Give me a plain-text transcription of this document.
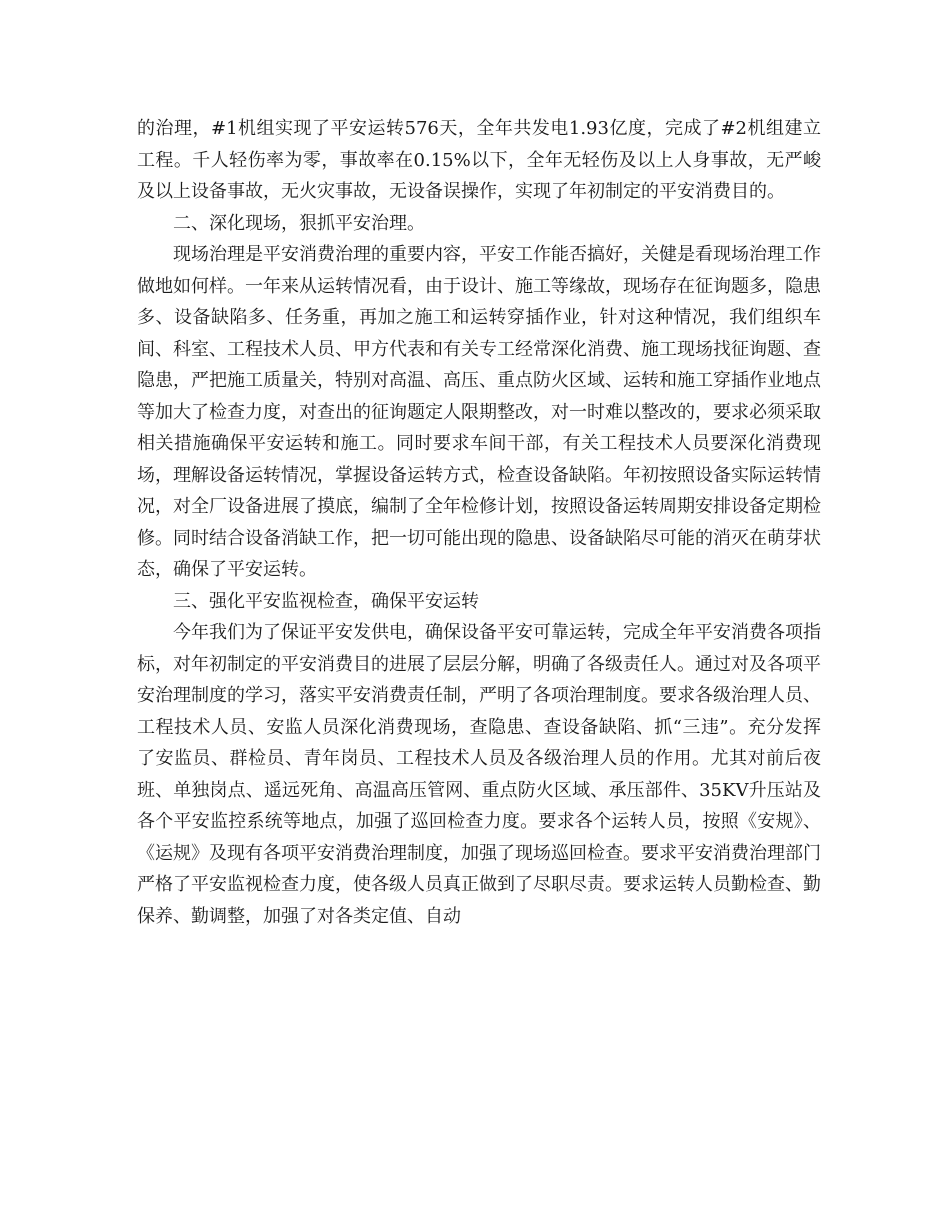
的治理，#1机组实现了平安运转576天，全年共发电1.93亿度，完成了#2机组建立工程。千人轻伤率为零，事故率在0.15%以下，全年无轻伤及以上人身事故，无严峻及以上设备事故，无火灾事故，无设备误操作，实现了年初制定的平安消费目的。

二、深化现场，狠抓平安治理。

现场治理是平安消费治理的重要内容，平安工作能否搞好，关健是看现场治理工作做地如何样。一年来从运转情况看，由于设计、施工等缘故，现场存在征询题多，隐患多、设备缺陷多、任务重，再加之施工和运转穿插作业，针对这种情况，我们组织车间、科室、工程技术人员、甲方代表和有关专工经常深化消费、施工现场找征询题、查隐患，严把施工质量关，特别对高温、高压、重点防火区域、运转和施工穿插作业地点等加大了检查力度，对查出的征询题定人限期整改，对一时难以整改的，要求必须采取相关措施确保平安运转和施工。同时要求车间干部，有关工程技术人员要深化消费现场，理解设备运转情况，掌握设备运转方式，检查设备缺陷。年初按照设备实际运转情况，对全厂设备进展了摸底，编制了全年检修计划，按照设备运转周期安排设备定期检修。同时结合设备消缺工作，把一切可能出现的隐患、设备缺陷尽可能的消灭在萌芽状态，确保了平安运转。

三、强化平安监视检查，确保平安运转

今年我们为了保证平安发供电，确保设备平安可靠运转，完成全年平安消费各项指标，对年初制定的平安消费目的进展了层层分解，明确了各级责任人。通过对及各项平安治理制度的学习，落实平安消费责任制，严明了各项治理制度。要求各级治理人员、工程技术人员、安监人员深化消费现场，查隐患、查设备缺陷、抓“三违”。充分发挥了安监员、群检员、青年岗员、工程技术人员及各级治理人员的作用。尤其对前后夜班、单独岗点、遥远死角、高温高压管网、重点防火区域、承压部件、35KV升压站及各个平安监控系统等地点，加强了巡回检查力度。要求各个运转人员，按照《安规》、《运规》及现有各项平安消费治理制度，加强了现场巡回检查。要求平安消费治理部门严格了平安监视检查力度，使各级人员真正做到了尽职尽责。要求运转人员勤检查、勤保养、勤调整，加强了对各类定值、自动
